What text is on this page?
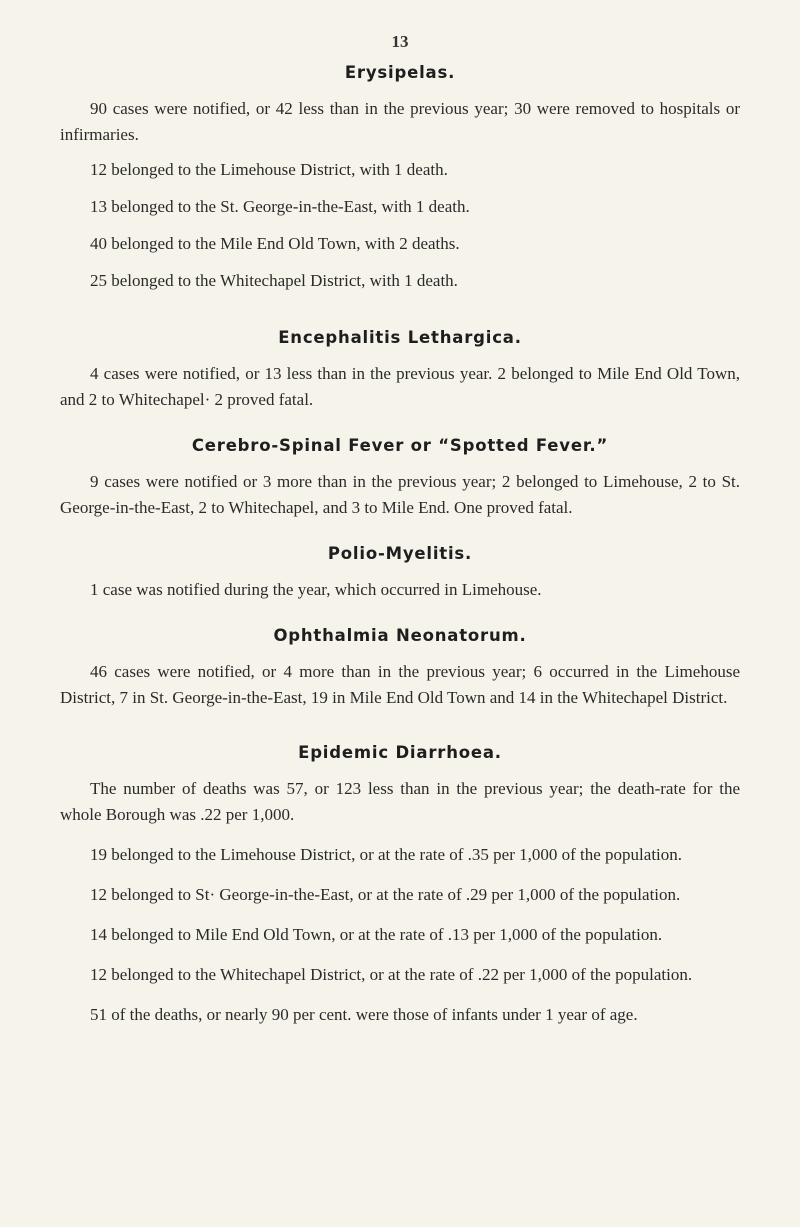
13
Erysipelas.

90 cases were notified, or 42 less than in the previous year; 30 were removed to hospitals or infirmaries.

12 belonged to the Limehouse District, with 1 death.
13 belonged to the St. George-in-the-East, with 1 death.
40 belonged to the Mile End Old Town, with 2 deaths.
25 belonged to the Whitechapel District, with 1 death.
Encephalitis Lethargica.

4 cases were notified, or 13 less than in the previous year. 2 belonged to Mile End Old Town, and 2 to Whitechapel· 2 proved fatal.

Cerebro-Spinal Fever or “Spotted Fever.”

9 cases were notified or 3 more than in the previous year; 2 belonged to Limehouse, 2 to St. George-in-the-East, 2 to Whitechapel, and 3 to Mile End. One proved fatal.

Polio-Myelitis.

1 case was notified during the year, which occurred in Limehouse.

Ophthalmia Neonatorum.

46 cases were notified, or 4 more than in the previous year; 6 occurred in the Limehouse District, 7 in St. George-in-the-East, 19 in Mile End Old Town and 14 in the Whitechapel District.

Epidemic Diarrhoea.

The number of deaths was 57, or 123 less than in the previous year; the death-rate for the whole Borough was .22 per 1,000.

19 belonged to the Limehouse District, or at the rate of .35 per 1,000 of the population.
12 belonged to St· George-in-the-East, or at the rate of .29 per 1,000 of the population.
14 belonged to Mile End Old Town, or at the rate of .13 per 1,000 of the population.
12 belonged to the Whitechapel District, or at the rate of .22 per 1,000 of the population.

51 of the deaths, or nearly 90 per cent. were those of infants under 1 year of age.
